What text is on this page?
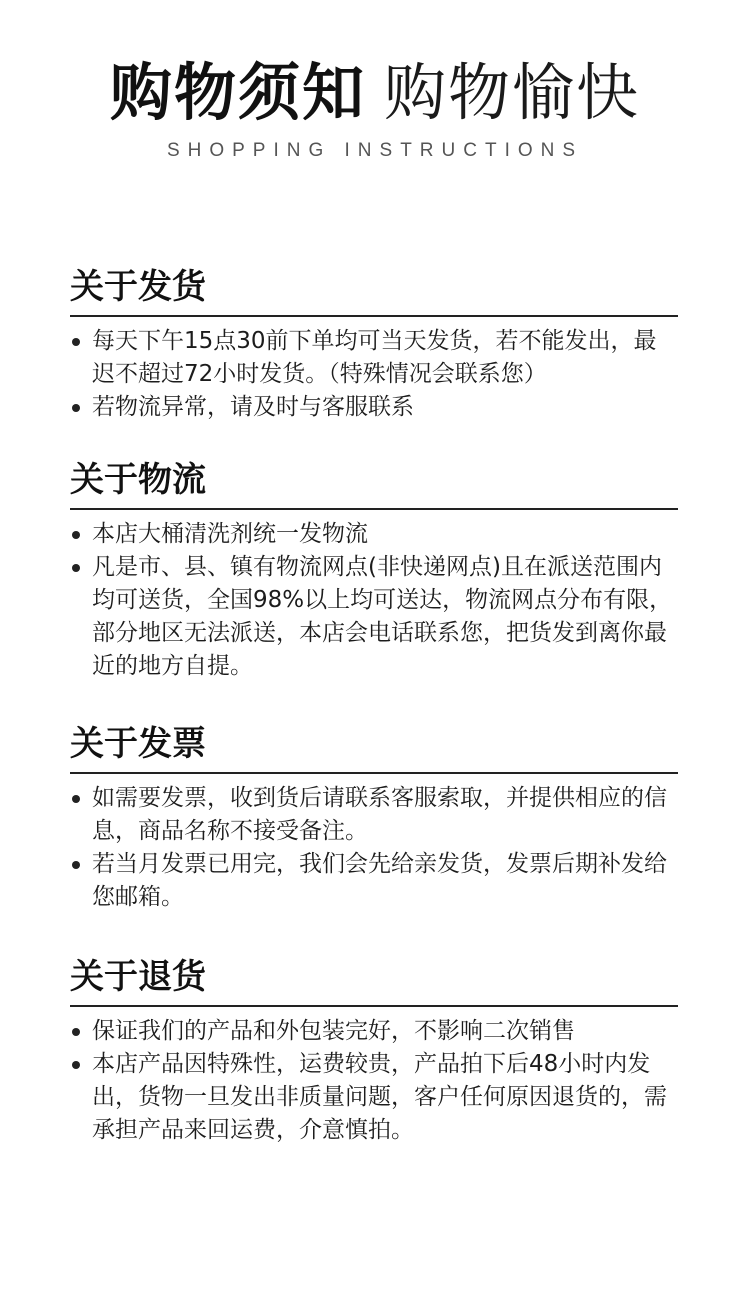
购物须知 购物愉快
SHOPPING INSTRUCTIONS
关于发货
每天下午15点30前下单均可当天发货，若不能发出，最迟不超过72小时发货。（特殊情况会联系您）
若物流异常，请及时与客服联系
关于物流
本店大桶清洗剂统一发物流
凡是市、县、镇有物流网点(非快递网点)且在派送范围内均可送货，全国98%以上均可送达，物流网点分布有限，部分地区无法派送，本店会电话联系您，把货发到离你最近的地方自提。
关于发票
如需要发票，收到货后请联系客服索取，并提供相应的信息，商品名称不接受备注。
若当月发票已用完，我们会先给亲发货，发票后期补发给您邮箱。
关于退货
保证我们的产品和外包装完好，不影响二次销售
本店产品因特殊性，运费较贵，产品拍下后48小时内发出，货物一旦发出非质量问题，客户任何原因退货的，需承担产品来回运费，介意慎拍。
